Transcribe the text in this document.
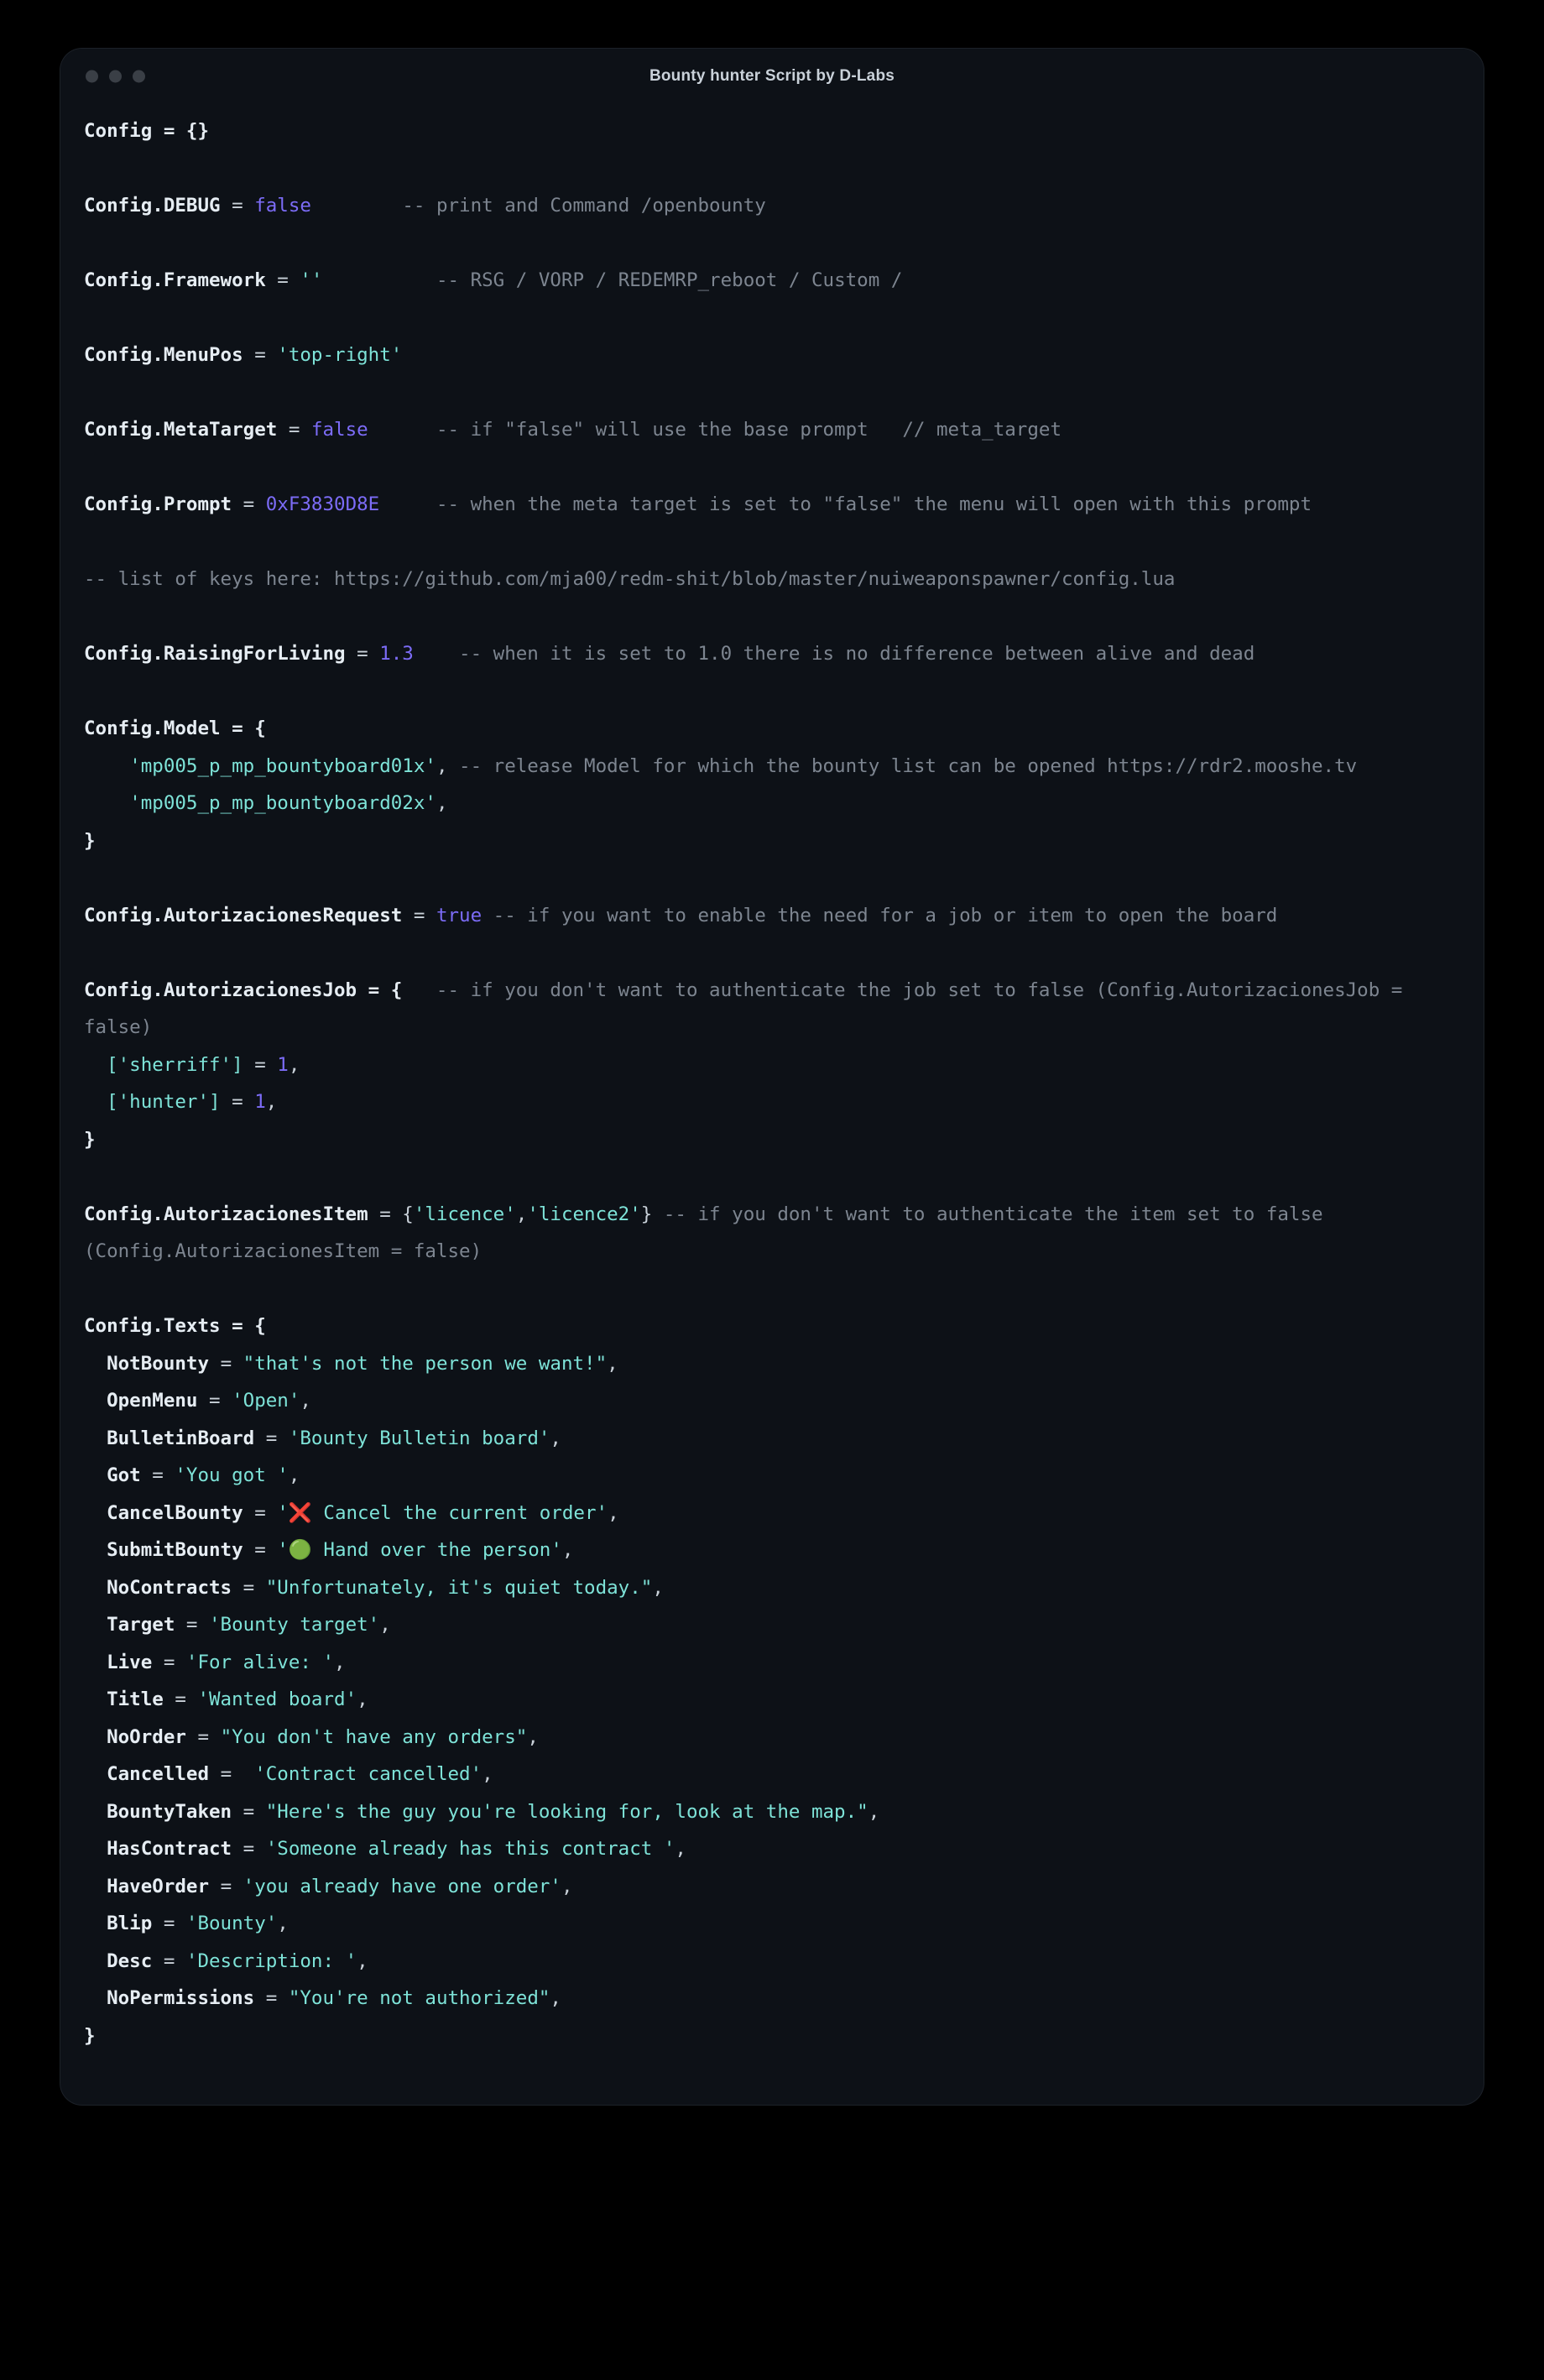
Bounty hunter Script by D-Labs
Config = {}
Config.DEBUG = false	-- print and Command /openbounty
Config.Framework = ''	-- RSG / VORP / REDEMRP_reboot / Custom /
Config.MenuPos = 'top-right'
Config.MetaTarget = false	-- if "false" will use the base prompt   // meta_target
Config.Prompt = 0xF3830D8E	-- when the meta target is set to "false" the menu will open with this prompt
-- list of keys here: https://github.com/mja00/redm-shit/blob/master/nuiweaponspawner/config.lua
Config.RaisingForLiving = 1.3 -- when it is set to 1.0 there is no difference between alive and dead
Config.Model = {
'mp005_p_mp_bountyboard01x', -- release Model for which the bounty list can be opened https://rdr2.mooshe.tv
'mp005_p_mp_bountyboard02x',
}
Config.AutorizacionesRequest = true -- if you want to enable the need for a job or item to open the board
Config.AutorizacionesJob = {   -- if you don't want to authenticate the job set to false (Config.AutorizacionesJob = false)
['sherriff'] = 1,
['hunter'] = 1,
}
Config.AutorizacionesItem = {'licence','licence2'} -- if you don't want to authenticate the item set to false (Config.AutorizacionesItem = false)
Config.Texts = {
NotBounty = "that's not the person we want!",
OpenMenu = 'Open',
BulletinBoard = 'Bounty Bulletin board',
Got = 'You got ',
CancelBounty = '❌ Cancel the current order',
SubmitBounty = '🟢 Hand over the person',
NoContracts = "Unfortunately, it's quiet today.",
Target = 'Bounty target',
Live = 'For alive: ',
Title = 'Wanted board',
NoOrder = "You don't have any orders",
Cancelled =  'Contract cancelled',
BountyTaken = "Here's the guy you're looking for, look at the map.",
HasContract = 'Someone already has this contract ',
HaveOrder = 'you already have one order',
Blip = 'Bounty',
Desc = 'Description: ',
NoPermissions = "You're not authorized",
}
